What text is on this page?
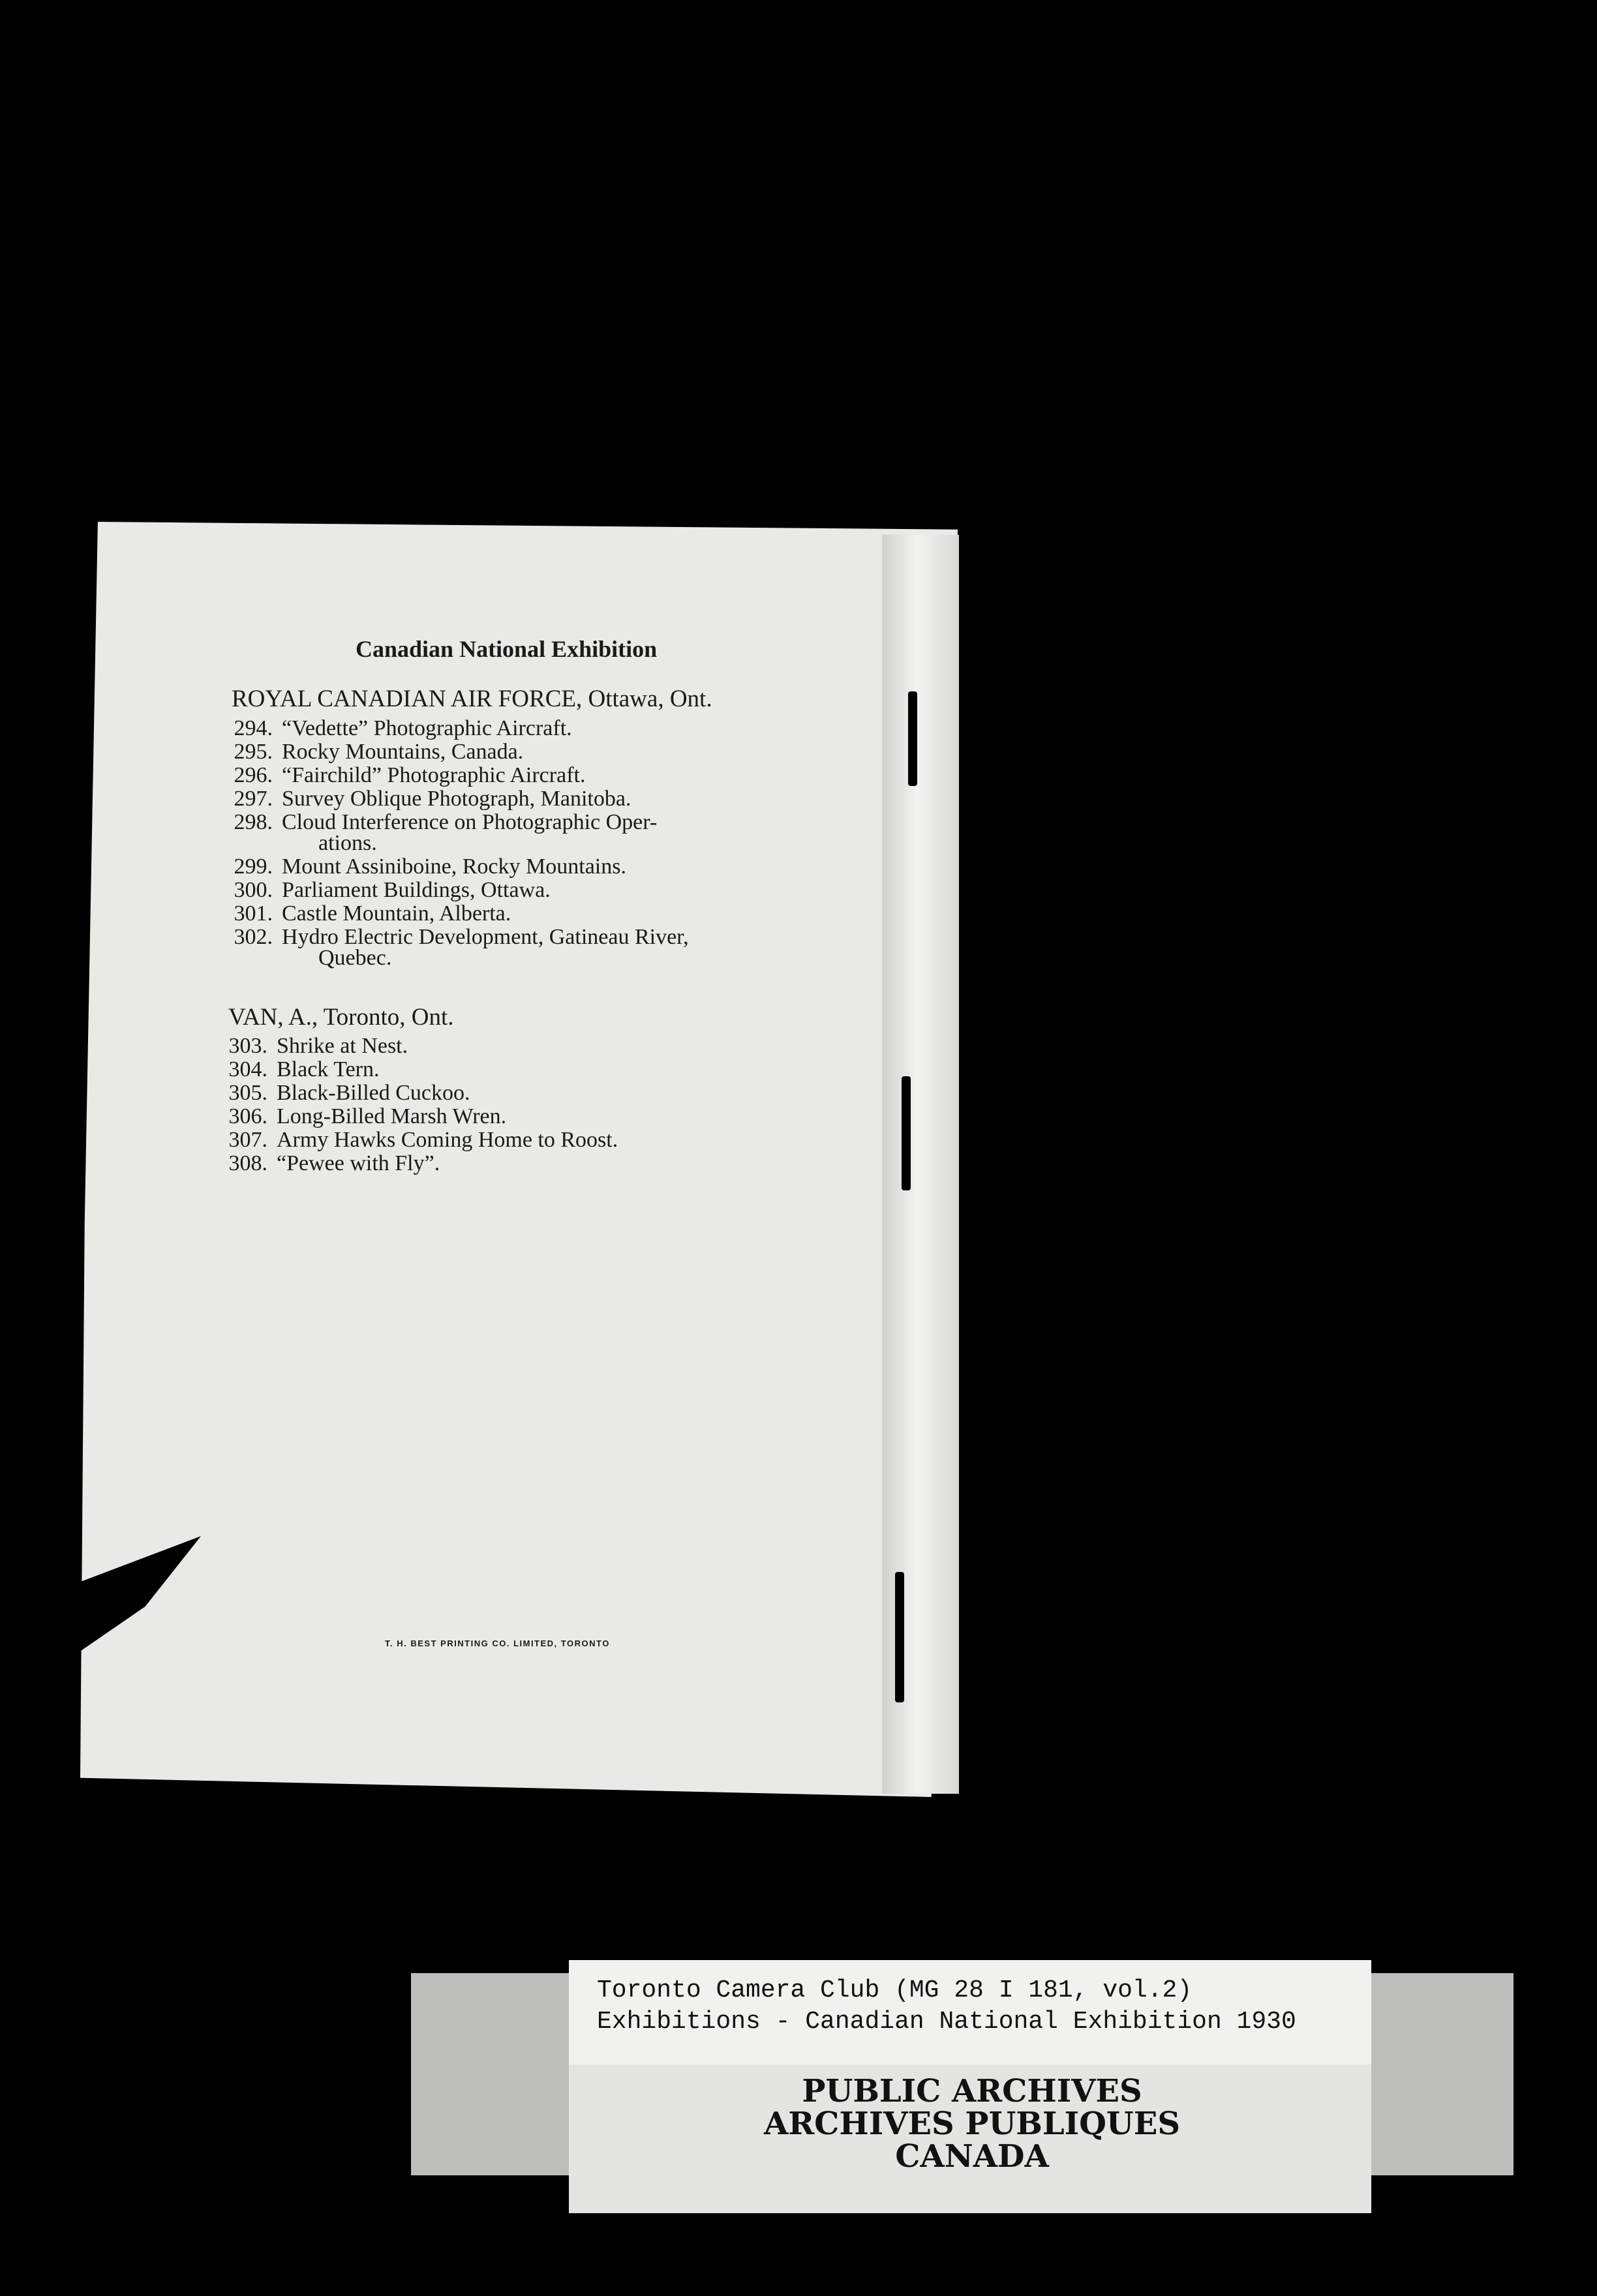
Canadian National Exhibition
ROYAL CANADIAN AIR FORCE, Ottawa, Ont.
294. “Vedette” Photographic Aircraft.
295. Rocky Mountains, Canada.
296. “Fairchild” Photographic Aircraft.
297. Survey Oblique Photograph, Manitoba.
298. Cloud Interference on Photographic Oper-
ations.
299. Mount Assiniboine, Rocky Mountains.
300. Parliament Buildings, Ottawa.
301. Castle Mountain, Alberta.
302. Hydro Electric Development, Gatineau River,
Quebec.
VAN, A., Toronto, Ont.
303. Shrike at Nest.
304. Black Tern.
305. Black-Billed Cuckoo.
306. Long-Billed Marsh Wren.
307. Army Hawks Coming Home to Roost.
308. “Pewee with Fly”.
T. H. BEST PRINTING CO. LIMITED, TORONTO
Toronto Camera Club (MG 28 I 181, vol.2)
Exhibitions - Canadian National Exhibition 1930
PUBLIC ARCHIVES
ARCHIVES PUBLIQUES
CANADA
